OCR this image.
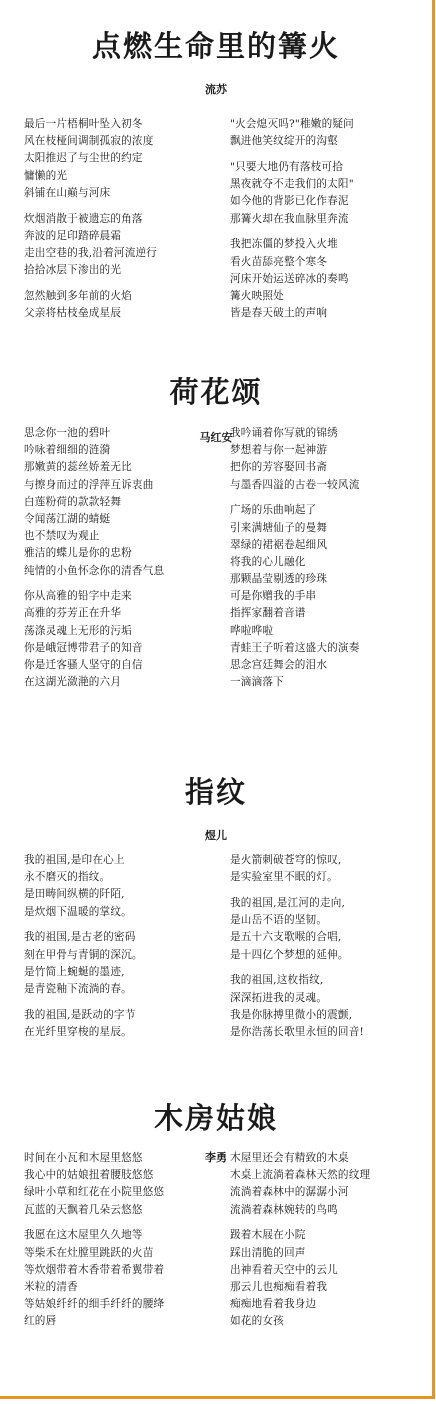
点燃生命里的篝火
流苏
最后一片梧桐叶坠入初冬
风在枝桠间调制孤寂的浓度
太阳推迟了与尘世的约定
慵懒的光
斜铺在山巅与河床
炊烟消散于被遗忘的角落
奔波的足印踏碎晨霜
走出空巷的我,沿着河流逆行
拾拾冰层下渗出的光
忽然触到多年前的火焰
父亲将枯枝垒成星辰
"火会熄灭吗?"稚嫩的疑问
飘进他笑纹绽开的沟壑
"只要大地仍有落枝可拾
黑夜就夺不走我们的太阳"
如今他的背影已化作春泥
那篝火却在我血脉里奔流
我把冻僵的梦投入火堆
看火苗舔亮整个寒冬
河床开始运送碎冰的奏鸣
篝火映照处
皆是春天破土的声响
荷花颂
马红安
思念你一池的碧叶
吟咏着细细的涟漪
那嫩黄的蕊丝娇羞无比
与擦身而过的浮萍互诉衷曲
白莲粉荷的款款轻舞
令闻荡江湖的蜻蜓
也不禁叹为观止
雅洁的蝶儿是你的忠粉
纯情的小鱼怀念你的清香气息
你从高雅的铅字中走来
高雅的芬芳正在升华
荡涤灵魂上无形的污垢
你是峨冠博带君子的知音
你是迁客骚人坚守的自信
在这湖光潋滟的六月
我吟诵着你写就的锦绣
梦想着与你一起神游
把你的芳容娶回书斋
与墨香四溢的古卷一较风流
广场的乐曲响起了
引来满塘仙子的曼舞
翠绿的裙裾卷起细风
将我的心儿融化
那颗晶莹剔透的珍珠
可是你赠我的手串
指挥家翻着音谱
哗啦哗啦
青蛙王子听着这盛大的演奏
思念宫廷舞会的泪水
一滴滴落下
指纹
煜儿
我的祖国,是印在心上
永不磨灭的指纹。
是田畴间纵横的阡陌,
是炊烟下温暖的掌纹。
我的祖国,是古老的密码
刻在甲骨与青铜的深沉。
是竹简上蜿蜒的墨迹,
是青瓷釉下流淌的春。
我的祖国,是跃动的字节
在光纤里穿梭的星辰。
是火箭刺破苍穹的惊叹,
是实验室里不眠的灯。
我的祖国,是江河的走向,
是山岳不语的坚韧。
是五十六支歌喉的合唱,
是十四亿个梦想的延伸。
我的祖国,这枚指纹,
深深拓进我的灵魂。
我是你脉搏里微小的震颤,
是你浩荡长歌里永恒的回音!
木房姑娘
李勇
时间在小瓦和木屋里悠悠
我心中的姑娘扭着腰肢悠悠
绿叶小草和红花在小院里悠悠
瓦蓝的天飘着几朵云悠悠
我愿在这木屋里久久地等
等柴禾在灶膛里跳跃的火苗
等炊烟带着木香带着希翼带着
米粒的清香
等姑娘纤纤的细手纤纤的腰绛
红的唇
木屋里还会有精致的木桌
木桌上流淌着森林天然的纹理
流淌着森林中的潺潺小河
流淌着森林婉转的鸟鸣
趿着木屐在小院
踩出清脆的回声
出神看着天空中的云儿
那云儿也痴痴看着我
痴痴地看着我身边
如花的女孩
